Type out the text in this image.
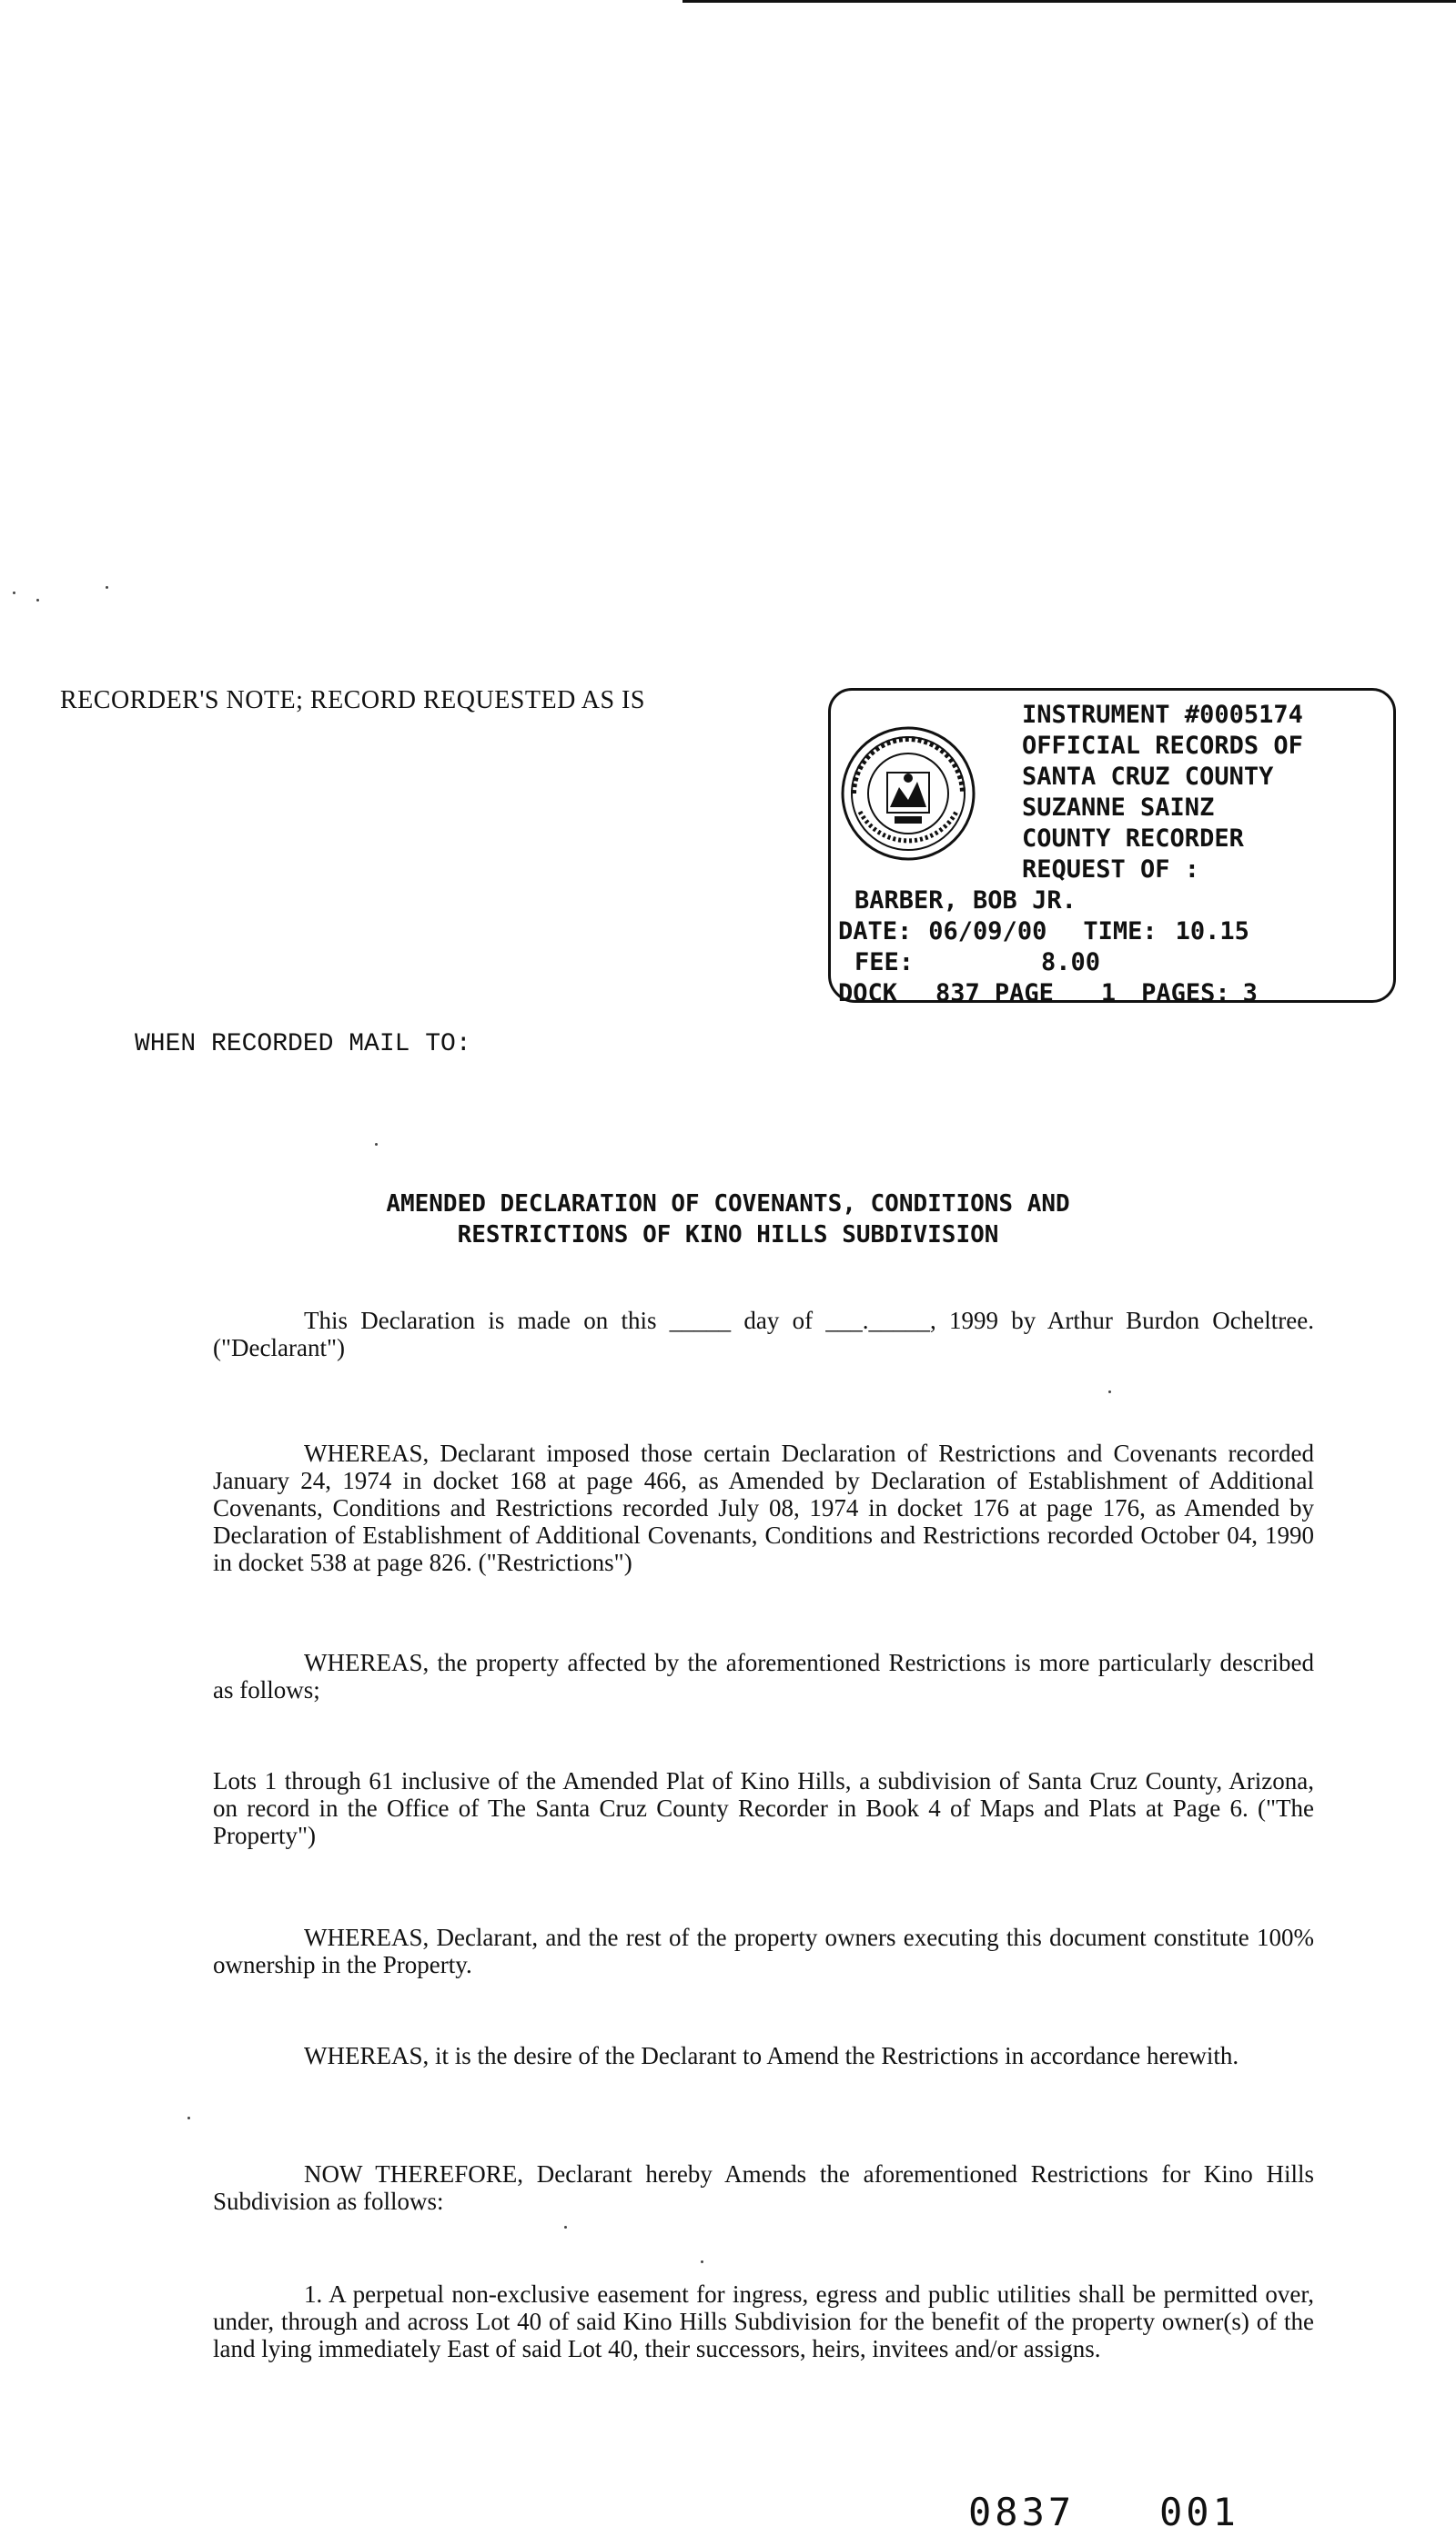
RECORDER'S NOTE; RECORD REQUESTED AS IS
INSTRUMENT #0005174
OFFICIAL RECORDS OF
SANTA CRUZ COUNTY
SUZANNE SAINZ
COUNTY RECORDER
REQUEST OF :
BARBER, BOB JR.
DATE: 06/09/00 TIME: 10.15
FEE:	8.00
DOCK 837 PAGE 1 PAGES: 3
WHEN RECORDED MAIL TO:
AMENDED DECLARATION OF COVENANTS, CONDITIONS AND
RESTRICTIONS OF KINO HILLS SUBDIVISION
This Declaration is made on this _____ day of ___._____, 1999 by Arthur Burdon Ocheltree. ("Declarant")
WHEREAS, Declarant imposed those certain Declaration of Restrictions and Covenants recorded January 24, 1974 in docket 168 at page 466, as Amended by Declaration of Establishment of Additional Covenants, Conditions and Restrictions recorded July 08, 1974 in docket 176 at page 176, as Amended by Declaration of Establishment of Additional Covenants, Conditions and Restrictions recorded October 04, 1990 in docket 538 at page 826. ("Restrictions")
WHEREAS, the property affected by the aforementioned Restrictions is more particularly described as follows;
Lots 1 through 61 inclusive of the Amended Plat of Kino Hills, a subdivision of Santa Cruz County, Arizona, on record in the Office of The Santa Cruz County Recorder in Book 4 of Maps and Plats at Page 6. ("The Property")
WHEREAS, Declarant, and the rest of the property owners executing this document constitute 100% ownership in the Property.
WHEREAS, it is the desire of the Declarant to Amend the Restrictions in accordance herewith.
NOW THEREFORE, Declarant hereby Amends the aforementioned Restrictions for Kino Hills Subdivision as follows:
1. A perpetual non-exclusive easement for ingress, egress and public utilities shall be permitted over, under, through and across Lot 40 of said Kino Hills Subdivision for the benefit of the property owner(s) of the land lying immediately East of said Lot 40, their successors, heirs, invitees and/or assigns.
0837 001
